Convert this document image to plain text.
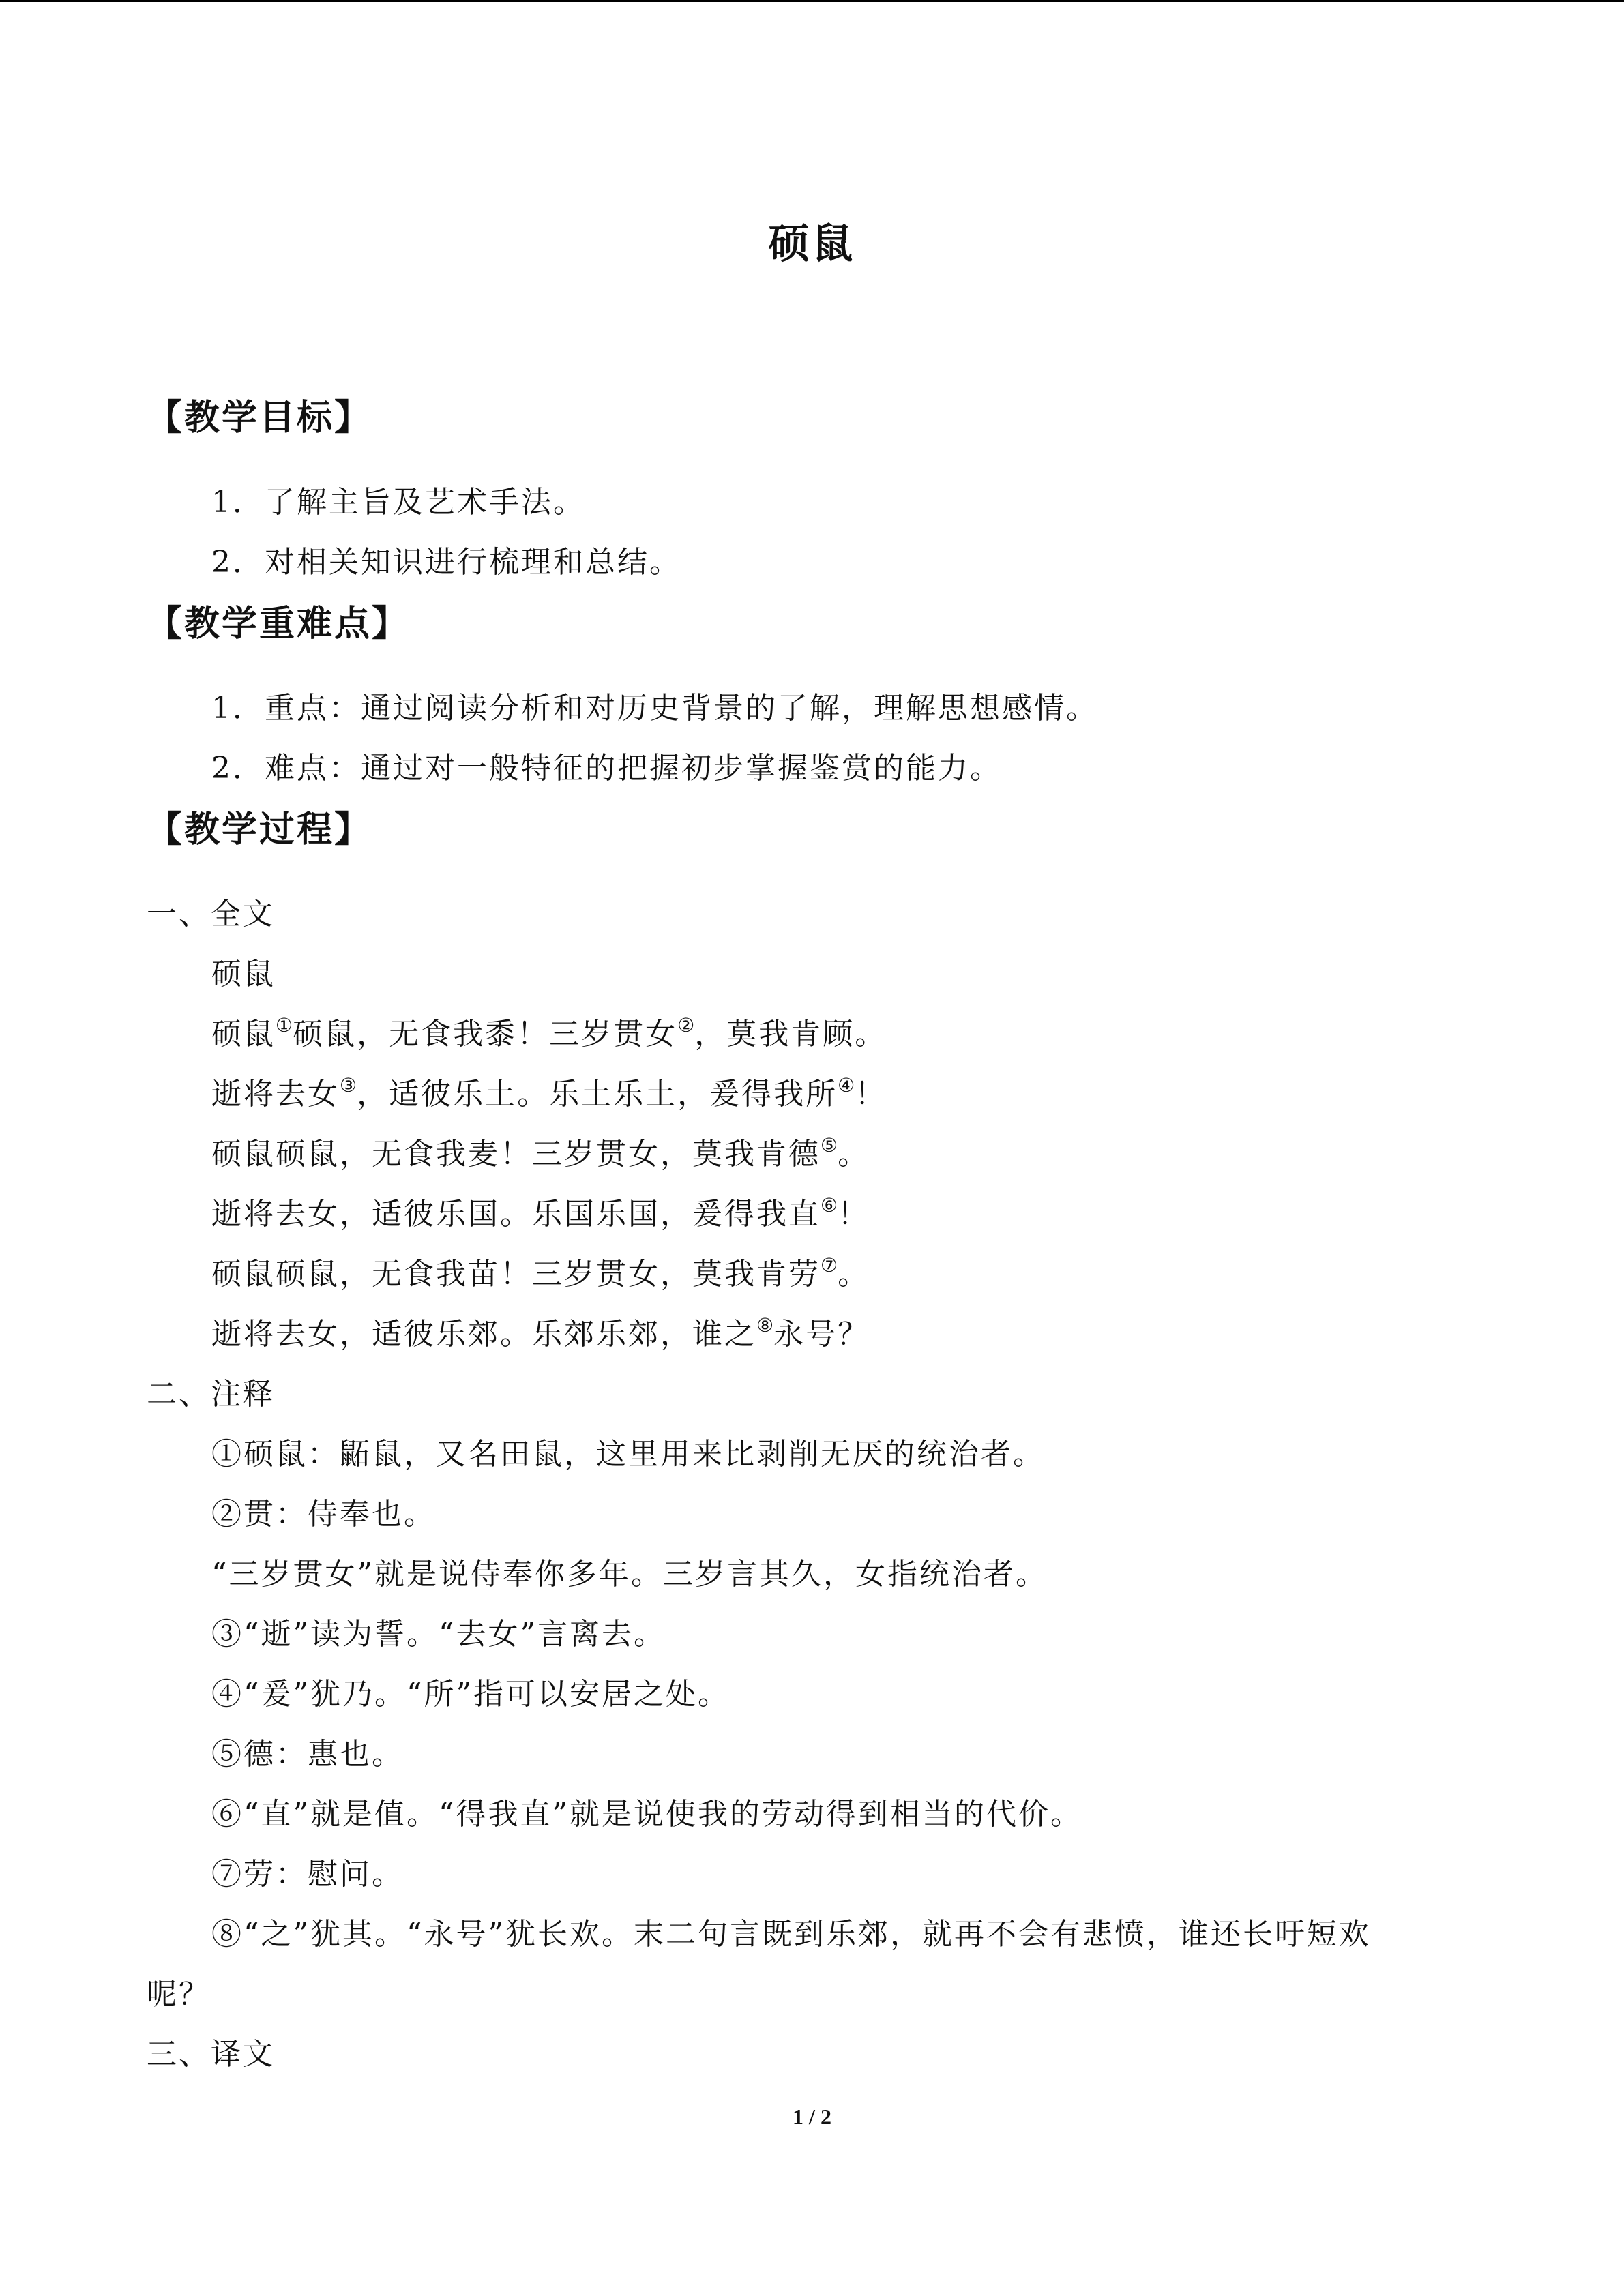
硕鼠
【教学目标】
1．了解主旨及艺术手法。
2．对相关知识进行梳理和总结。
【教学重难点】
1．重点：通过阅读分析和对历史背景的了解，理解思想感情。
2．难点：通过对一般特征的把握初步掌握鉴赏的能力。
【教学过程】
一、全文
硕鼠
硕鼠①硕鼠，无食我黍！三岁贯女②，莫我肯顾。
逝将去女③，适彼乐土。乐土乐土，爰得我所④！
硕鼠硕鼠，无食我麦！三岁贯女，莫我肯德⑤。
逝将去女，适彼乐国。乐国乐国，爰得我直⑥！
硕鼠硕鼠，无食我苗！三岁贯女，莫我肯劳⑦。
逝将去女，适彼乐郊。乐郊乐郊，谁之⑧永号？
二、注释
①硕鼠：鼫鼠，又名田鼠，这里用来比剥削无厌的统治者。
②贯：侍奉也。
“三岁贯女”就是说侍奉你多年。三岁言其久，女指统治者。
③“逝”读为誓。“去女”言离去。
④“爰”犹乃。“所”指可以安居之处。
⑤德：惠也。
⑥“直”就是值。“得我直”就是说使我的劳动得到相当的代价。
⑦劳：慰问。
⑧“之”犹其。“永号”犹长欢。末二句言既到乐郊，就再不会有悲愤，谁还长吁短欢
呢？
三、译文
1 / 2
